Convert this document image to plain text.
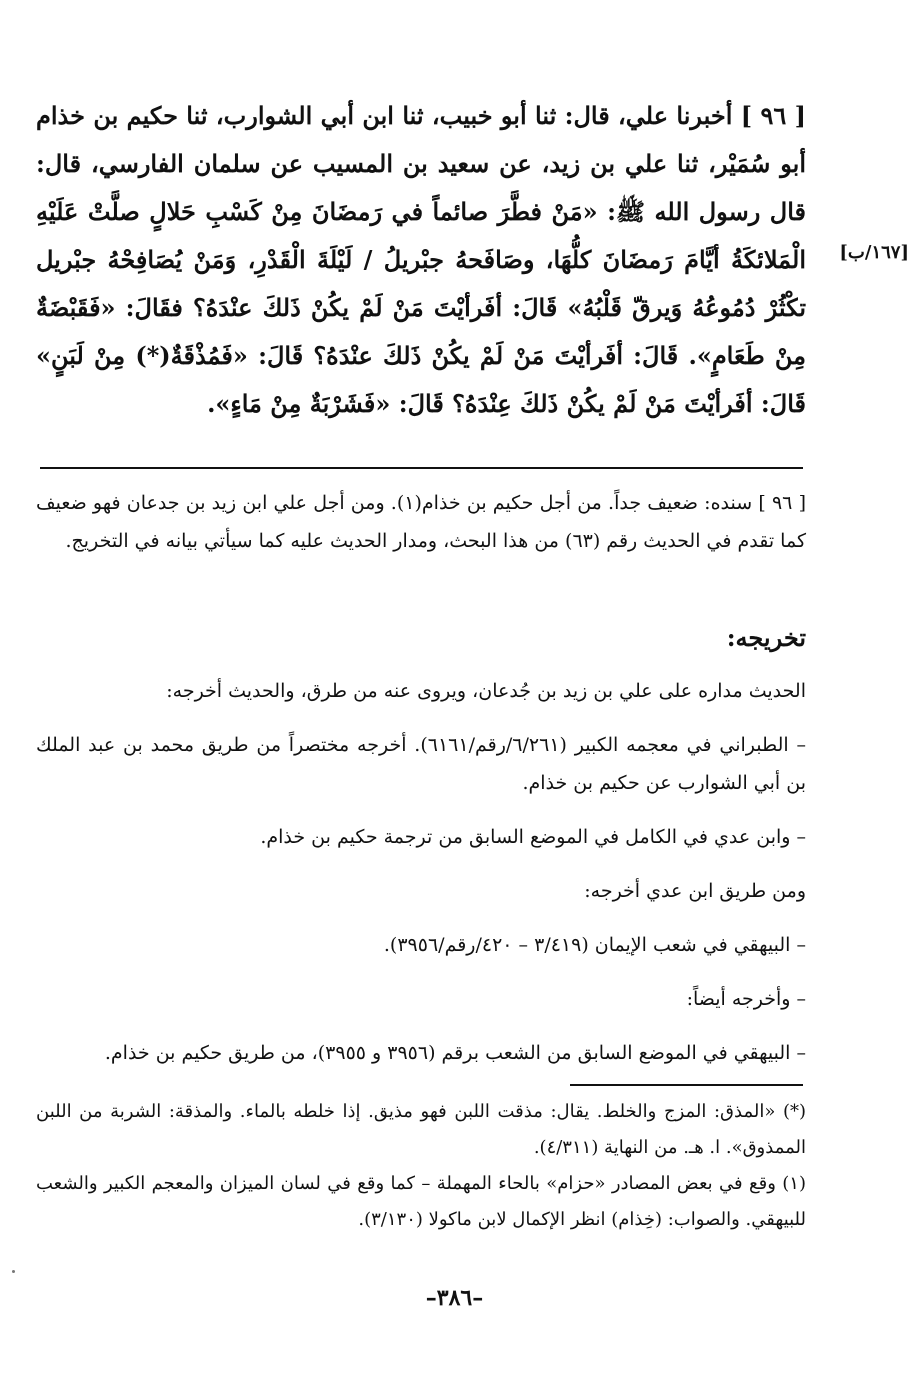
[ ٩٦ ] أخبرنا علي، قال: ثنا أبو خبيب، ثنا ابن أبي الشوارب، ثنا حكيم بن خذام أبو سُمَيْر، ثنا علي بن زيد، عن سعيد بن المسيب عن سلمان الفارسي، قال: قال رسول الله ﷺ: «مَنْ فطَّرَ صائماً في رَمضَانَ مِنْ كَسْبِ حَلالٍ صلَّتْ عَلَيْهِ الْمَلائكَةُ أيَّامَ رَمضَانَ كلُّهَا، وصَافَحهُ جبْريلُ / لَيْلَةَ الْقَدْرِ، وَمَنْ يُصَافِحْهُ جبْريل تكْثُرْ دُمُوعُهُ وَيرقّ قَلْبُهُ» قَالَ: أفَرأيْتَ مَنْ لَمْ يكُنْ ذَلكَ عنْدَهُ؟ فقَالَ: «فَقَبْضَةٌ مِنْ طَعَامٍ». قَالَ: أفَرأيْتَ مَنْ لَمْ يكُنْ ذَلكَ عنْدَهُ؟ قَالَ: «فَمُذْقَةٌ(*) مِنْ لَبَنٍ» قَالَ: أفَرأيْتَ مَنْ لَمْ يكُنْ ذَلكَ عِنْدَهُ؟ قَالَ: «فَشَرْبَةٌ مِنْ مَاءٍ».
[١٦٧/ب]
[ ٩٦ ] سنده: ضعيف جداً. من أجل حكيم بن خذام(١). ومن أجل علي ابن زيد بن جدعان فهو ضعيف كما تقدم في الحديث رقم (٦٣) من هذا البحث، ومدار الحديث عليه كما سيأتي بيانه في التخريج.
تخريجه:

الحديث مداره على علي بن زيد بن جُدعان، ويروى عنه من طرق، والحديث أخرجه:

– الطبراني في معجمه الكبير (٦/٢٦١/رقم/٦١٦١). أخرجه مختصراً من طريق محمد بن عبد الملك بن أبي الشوارب عن حكيم بن خذام.

– وابن عدي في الكامل في الموضع السابق من ترجمة حكيم بن خذام.

ومن طريق ابن عدي أخرجه:

– البيهقي في شعب الإيمان (٣/٤١٩ – ٤٢٠/رقم/٣٩٥٦).

– وأخرجه أيضاً:

– البيهقي في الموضع السابق من الشعب برقم (٣٩٥٦ و ٣٩٥٥)، من طريق حكيم بن خذام.

(*) «المذق: المزج والخلط. يقال: مذقت اللبن فهو مذيق. إذا خلطه بالماء. والمذقة: الشربة من اللبن الممذوق». ا. هـ. من النهاية (٤/٣١١).

(١) وقع في بعض المصادر «حزام» بالحاء المهملة – كما وقع في لسان الميزان والمعجم الكبير والشعب للبيهقي. والصواب: (خِذام) انظر الإكمال لابن ماكولا (٣/١٣٠).

–٣٨٦–
